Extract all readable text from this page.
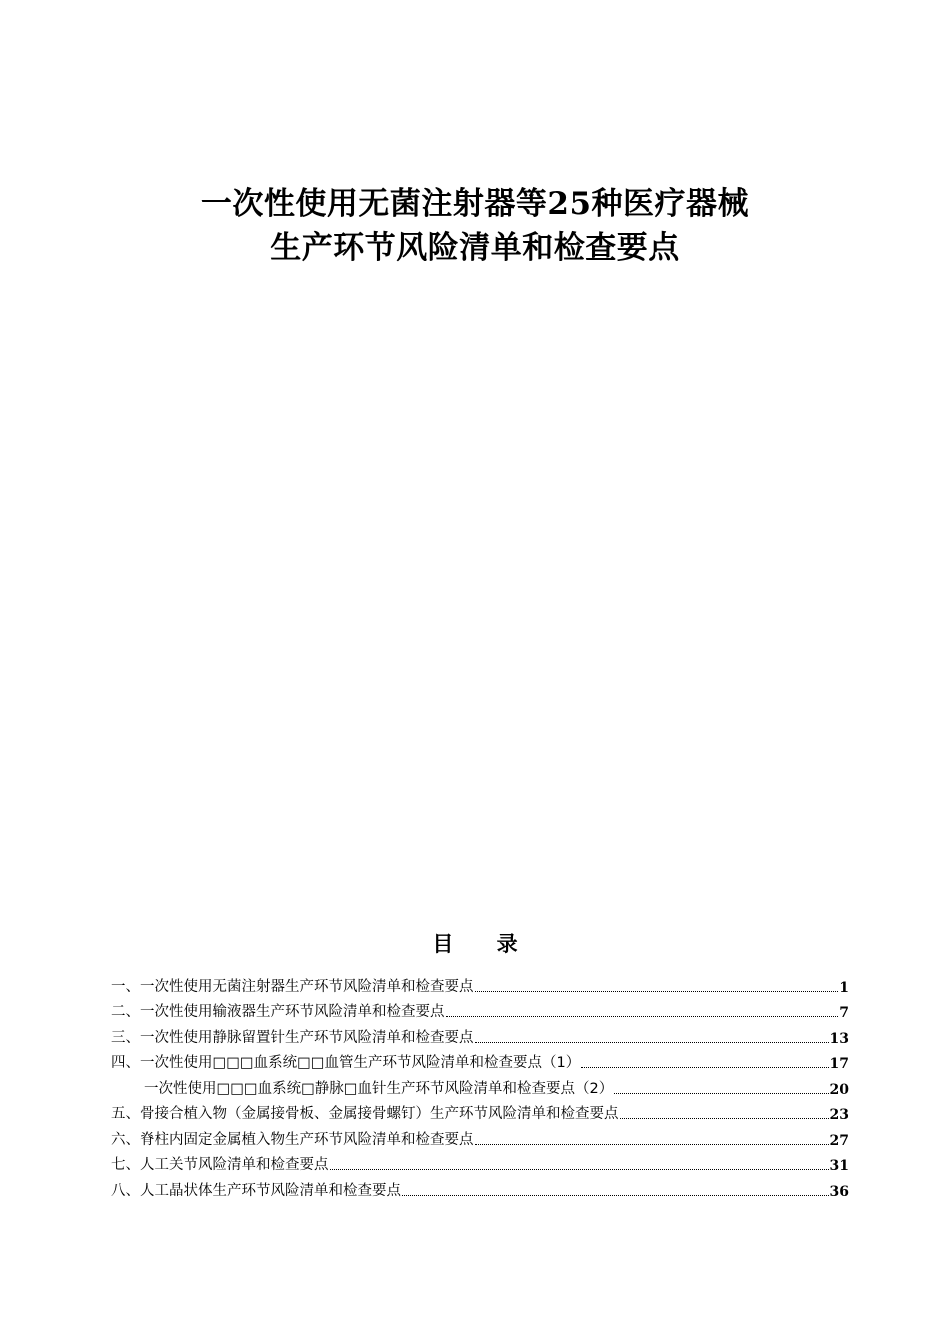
一次性使用无菌注射器等25种医疗器械
生产环节风险清单和检查要点
目 录
一、 一次性使用无菌注射器生产环节风险清单和检查要点	1
二、 一次性使用输液器生产环节风险清单和检查要点	7
三、 一次性使用静脉留置针生产环节风险清单和检查要点	13
四、 一次性使用□□□血系统□□血管生产环节风险清单和检查要点（1）	17
一次性使用□□□血系统□静脉□血针生产环节风险清单和检查要点（2）	20
五、 骨接合植入物（金属接骨板、金属接骨螺钉）生产环节风险清单和检查要点	23
六、 脊柱内固定金属植入物生产环节风险清单和检查要点	27
七、 人工关节风险清单和检查要点	31
八、 人工晶状体生产环节风险清单和检查要点	36
